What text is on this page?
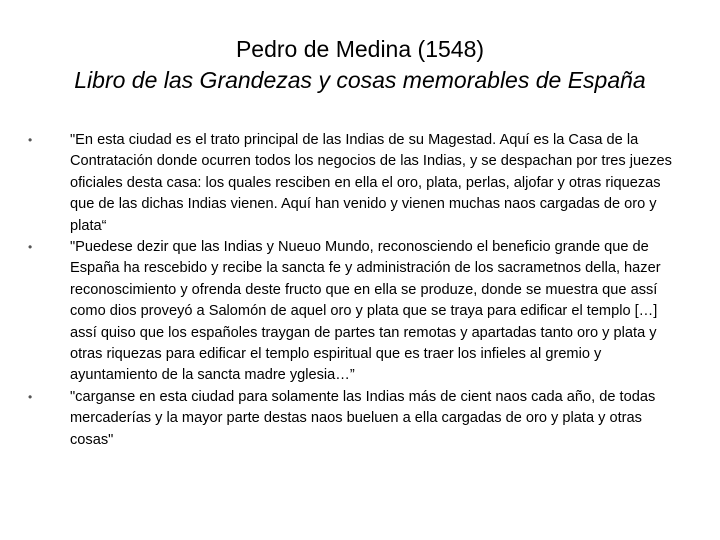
Pedro de Medina (1548)
Libro de las Grandezas y cosas memorables de España
•	"En esta ciudad es el trato principal de las Indias de su Magestad. Aquí es la Casa de la Contratación donde ocurren todos los negocios de las Indias, y se despachan por tres juezes oficiales desta casa: los quales resciben en ella el oro, plata, perlas, aljofar y otras riquezas que de las dichas Indias vienen. Aquí han venido y vienen muchas naos cargadas de oro y plata“
•	"Puedese dezir que las Indias y Nueuo Mundo, reconosciendo el beneficio grande que de España ha rescebido y recibe la sancta fe y administración de los sacrametnos della, hazer reconoscimiento y ofrenda deste fructo que en ella se produze, donde se muestra que assí como dios proveyó a Salomón de aquel oro y plata que se traya para edificar el templo […] assí quiso que los españoles traygan de partes tan remotas y apartadas tanto oro y plata y otras riquezas para edificar el templo espiritual que es traer los infieles al gremio y ayuntamiento de la sancta madre yglesia…”
•	"carganse en esta ciudad para solamente las Indias más de cient naos cada año, de todas mercaderías y la mayor parte destas naos bueluen a ella cargadas de oro y plata y otras cosas"
